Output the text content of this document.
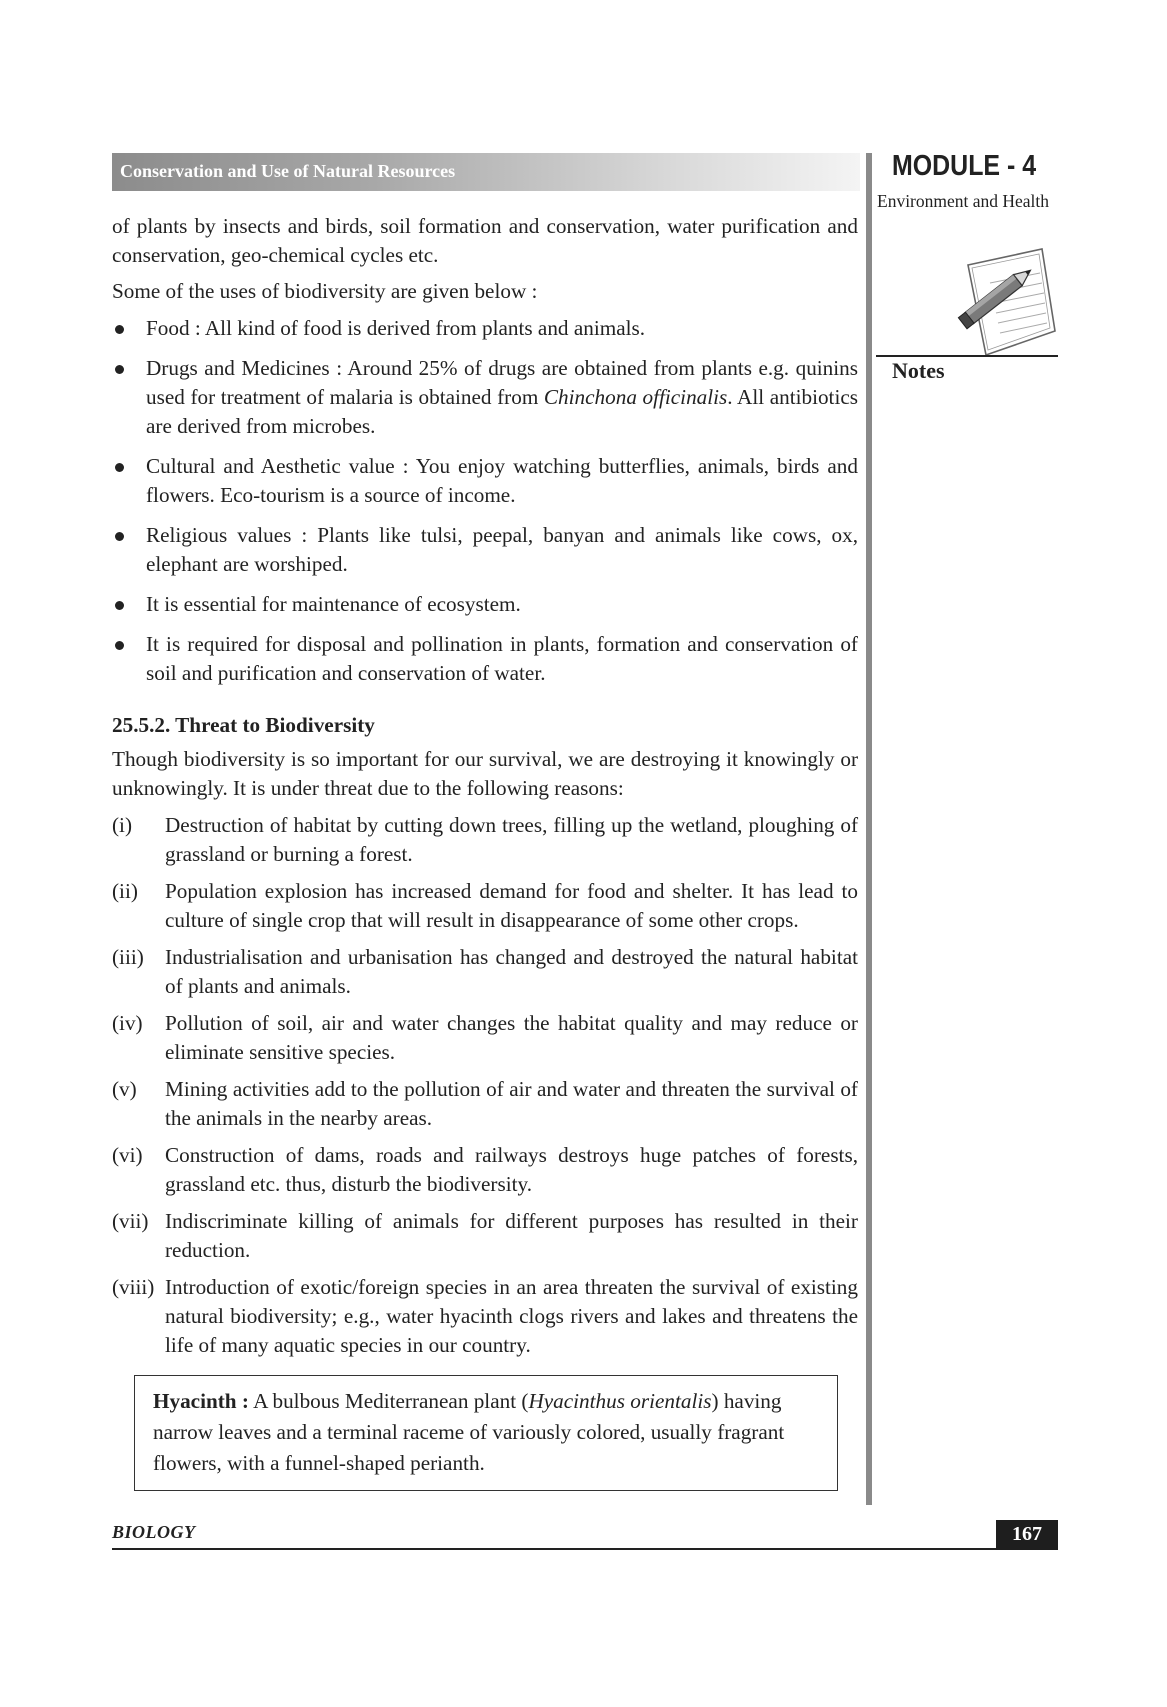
Conservation and Use of Natural Resources	MODULE - 4
Environment and Health
Notes

of plants by insects and birds, soil formation and conservation, water purification and conservation, geo-chemical cycles etc.

Some of the uses of biodiversity are given below :

Food : All kind of food is derived from plants and animals.
Drugs and Medicines : Around 25% of drugs are obtained from plants e.g. quinins used for treatment of malaria is obtained from Chinchona officinalis. All antibiotics are derived from microbes.
Cultural and Aesthetic value : You enjoy watching butterflies, animals, birds and flowers. Eco-tourism is a source of income.
Religious values : Plants like tulsi, peepal, banyan and animals like cows, ox, elephant are worshiped.
It is essential for maintenance of ecosystem.
It is required for disposal and pollination in plants, formation and conservation of soil and purification and conservation of water.

25.5.2. Threat to Biodiversity

Though biodiversity is so important for our survival, we are destroying it knowingly or unknowingly. It is under threat due to the following reasons:

(i) Destruction of habitat by cutting down trees, filling up the wetland, ploughing of grassland or burning a forest.
(ii) Population explosion has increased demand for food and shelter. It has lead to culture of single crop that will result in disappearance of some other crops.
(iii) Industrialisation and urbanisation has changed and destroyed the natural habitat of plants and animals.
(iv) Pollution of soil, air and water changes the habitat quality and may reduce or eliminate sensitive species.
(v) Mining activities add to the pollution of air and water and threaten the survival of the animals in the nearby areas.
(vi) Construction of dams, roads and railways destroys huge patches of forests, grassland etc. thus, disturb the biodiversity.
(vii) Indiscriminate killing of animals for different purposes has resulted in their reduction.
(viii) Introduction of exotic/foreign species in an area threaten the survival of existing natural biodiversity; e.g., water hyacinth clogs rivers and lakes and threatens the life of many aquatic species in our country.
Hyacinth : A bulbous Mediterranean plant (Hyacinthus orientalis) having narrow leaves and a terminal raceme of variously colored, usually fragrant flowers, with a funnel-shaped perianth.
BIOLOGY	167
